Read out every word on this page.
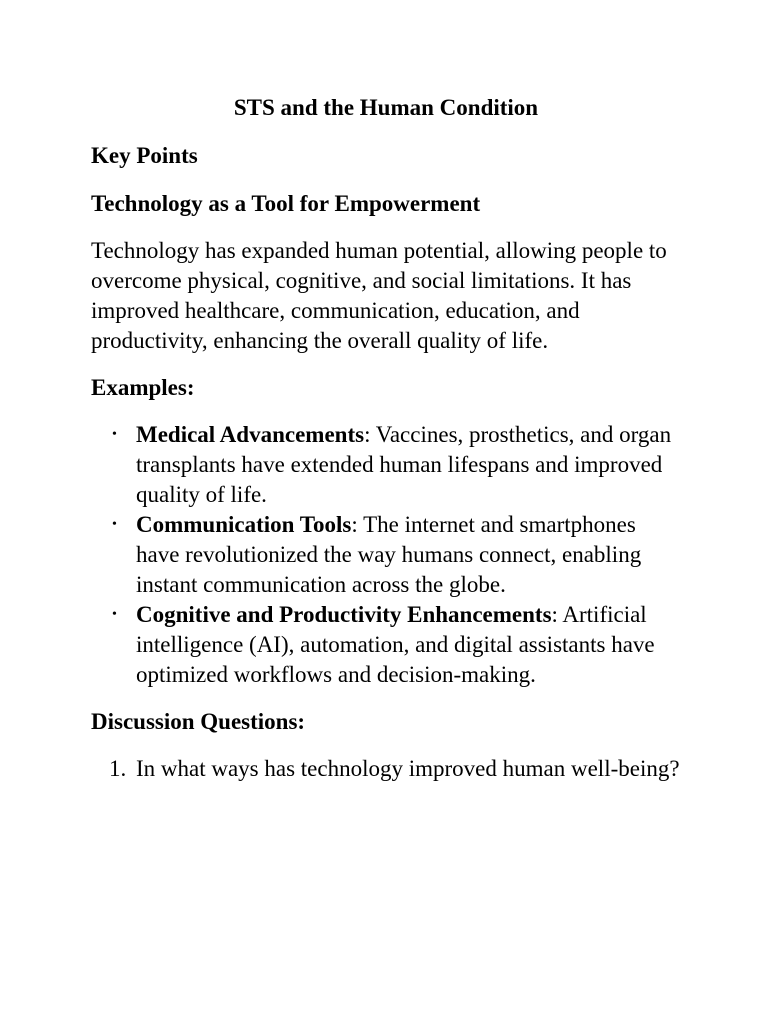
STS and the Human Condition
Key Points
Technology as a Tool for Empowerment

Technology has expanded human potential, allowing people to overcome physical, cognitive, and social limitations. It has improved healthcare, communication, education, and productivity, enhancing the overall quality of life.

Examples:
• Medical Advancements: Vaccines, prosthetics, and organ transplants have extended human lifespans and improved quality of life.
• Communication Tools: The internet and smartphones have revolutionized the way humans connect, enabling instant communication across the globe.
• Cognitive and Productivity Enhancements: Artificial intelligence (AI), automation, and digital assistants have optimized workflows and decision-making.
Discussion Questions:
1. In what ways has technology improved human well-being?
